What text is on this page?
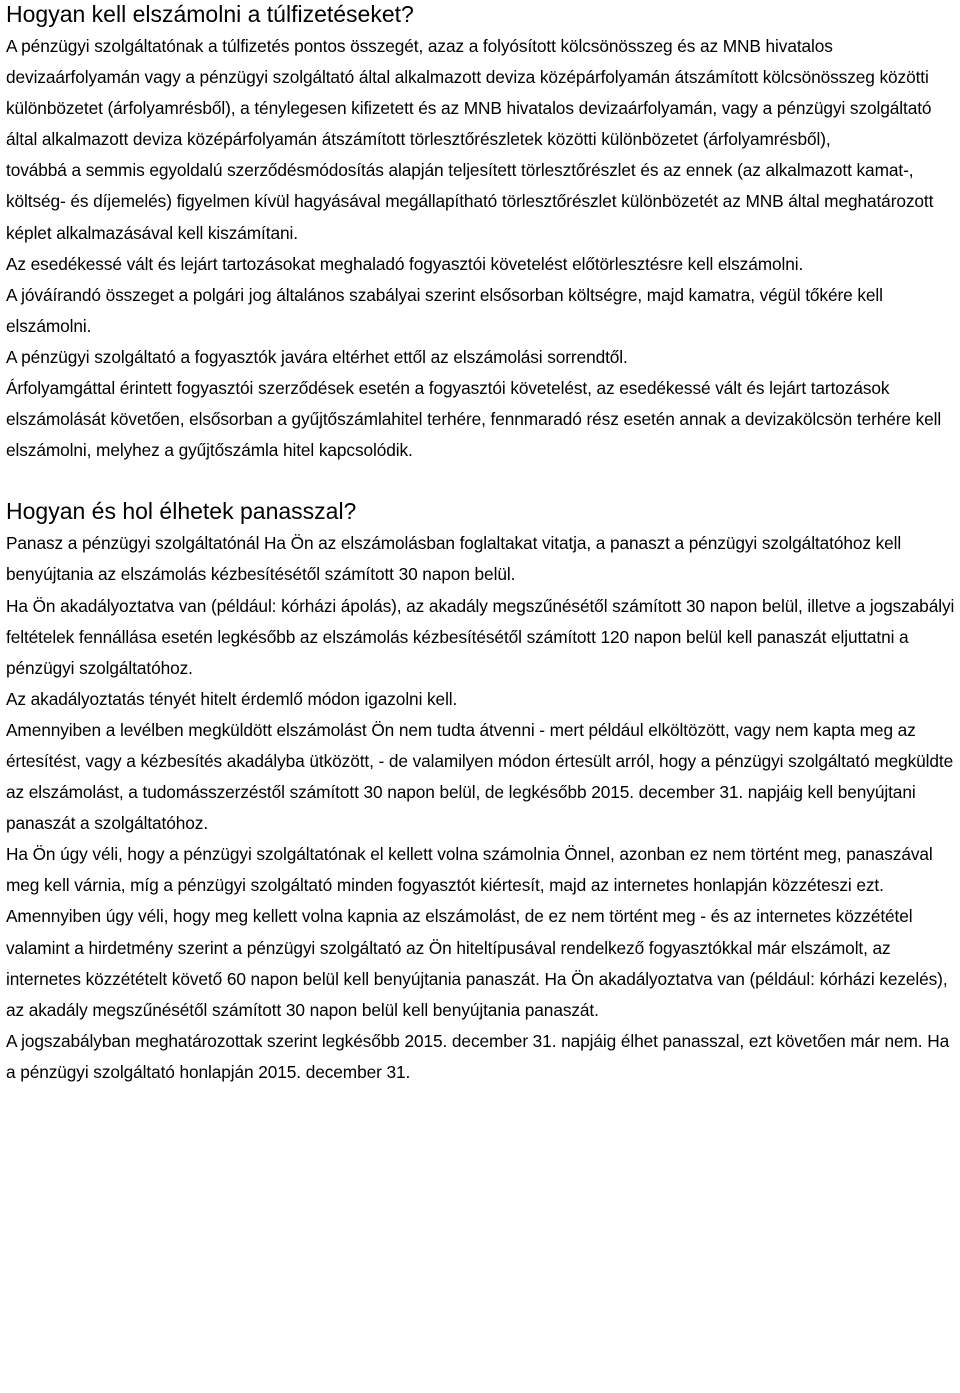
Hogyan kell elszámolni a túlfizetéseket?

A pénzügyi szolgáltatónak a túlfizetés pontos összegét, azaz a folyósított kölcsönösszeg és az MNB hivatalos devizaárfolyamán vagy a pénzügyi szolgáltató által alkalmazott deviza középárfolyamán átszámított kölcsönösszeg közötti különbözetet (árfolyamrésből), a ténylegesen kifizetett és az MNB hivatalos devizaárfolyamán, vagy a pénzügyi szolgáltató által alkalmazott deviza középárfolyamán átszámított törlesztőrészletek közötti különbözetet (árfolyamrésből),

továbbá a semmis egyoldalú szerződésmódosítás alapján teljesített törlesztőrészlet és az ennek (az alkalmazott kamat-, költség- és díjemelés) figyelmen kívül hagyásával megállapítható törlesztőrészlet különbözetét az MNB által meghatározott képlet alkalmazásával kell kiszámítani.

Az esedékessé vált és lejárt tartozásokat meghaladó fogyasztói követelést előtörlesztésre kell elszámolni.

A jóváírandó összeget a polgári jog általános szabályai szerint elsősorban költségre, majd kamatra, végül tőkére kell elszámolni.

A pénzügyi szolgáltató a fogyasztók javára eltérhet ettől az elszámolási sorrendtől.

Árfolyamgáttal érintett fogyasztói szerződések esetén a fogyasztói követelést, az esedékessé vált és lejárt tartozások elszámolását követően, elsősorban a gyűjtőszámlahitel terhére, fennmaradó rész esetén annak a devizakölcsön terhére kell elszámolni, melyhez a gyűjtőszámla hitel kapcsolódik.

Hogyan és hol élhetek panasszal?

Panasz a pénzügyi szolgáltatónál Ha Ön az elszámolásban foglaltakat vitatja, a panaszt a pénzügyi szolgáltatóhoz kell benyújtania az elszámolás kézbesítésétől számított 30 napon belül.

Ha Ön akadályoztatva van (például: kórházi ápolás), az akadály megszűnésétől számított 30 napon belül, illetve a jogszabályi feltételek fennállása esetén legkésőbb az elszámolás kézbesítésétől számított 120 napon belül kell panaszát eljuttatni a pénzügyi szolgáltatóhoz.

Az akadályoztatás tényét hitelt érdemlő módon igazolni kell.

Amennyiben a levélben megküldött elszámolást Ön nem tudta átvenni - mert például elköltözött, vagy nem kapta meg az értesítést, vagy a kézbesítés akadályba ütközött, - de valamilyen módon értesült arról, hogy a pénzügyi szolgáltató megküldte az elszámolást, a tudomásszerzéstől számított 30 napon belül, de legkésőbb 2015. december 31. napjáig kell benyújtani panaszát a szolgáltatóhoz.

Ha Ön úgy véli, hogy a pénzügyi szolgáltatónak el kellett volna számolnia Önnel, azonban ez nem történt meg, panaszával meg kell várnia, míg a pénzügyi szolgáltató minden fogyasztót kiértesít, majd az internetes honlapján közzéteszi ezt.

Amennyiben úgy véli, hogy meg kellett volna kapnia az elszámolást, de ez nem történt meg - és az internetes közzététel valamint a hirdetmény szerint a pénzügyi szolgáltató az Ön hiteltípusával rendelkező fogyasztókkal már elszámolt, az internetes közzétételt követő 60 napon belül kell benyújtania panaszát. Ha Ön akadályoztatva van (például: kórházi kezelés), az akadály megszűnésétől számított 30 napon belül kell benyújtania panaszát.

A jogszabályban meghatározottak szerint legkésőbb 2015. december 31. napjáig élhet panasszal, ezt követően már nem. Ha a pénzügyi szolgáltató honlapján 2015. december 31.
